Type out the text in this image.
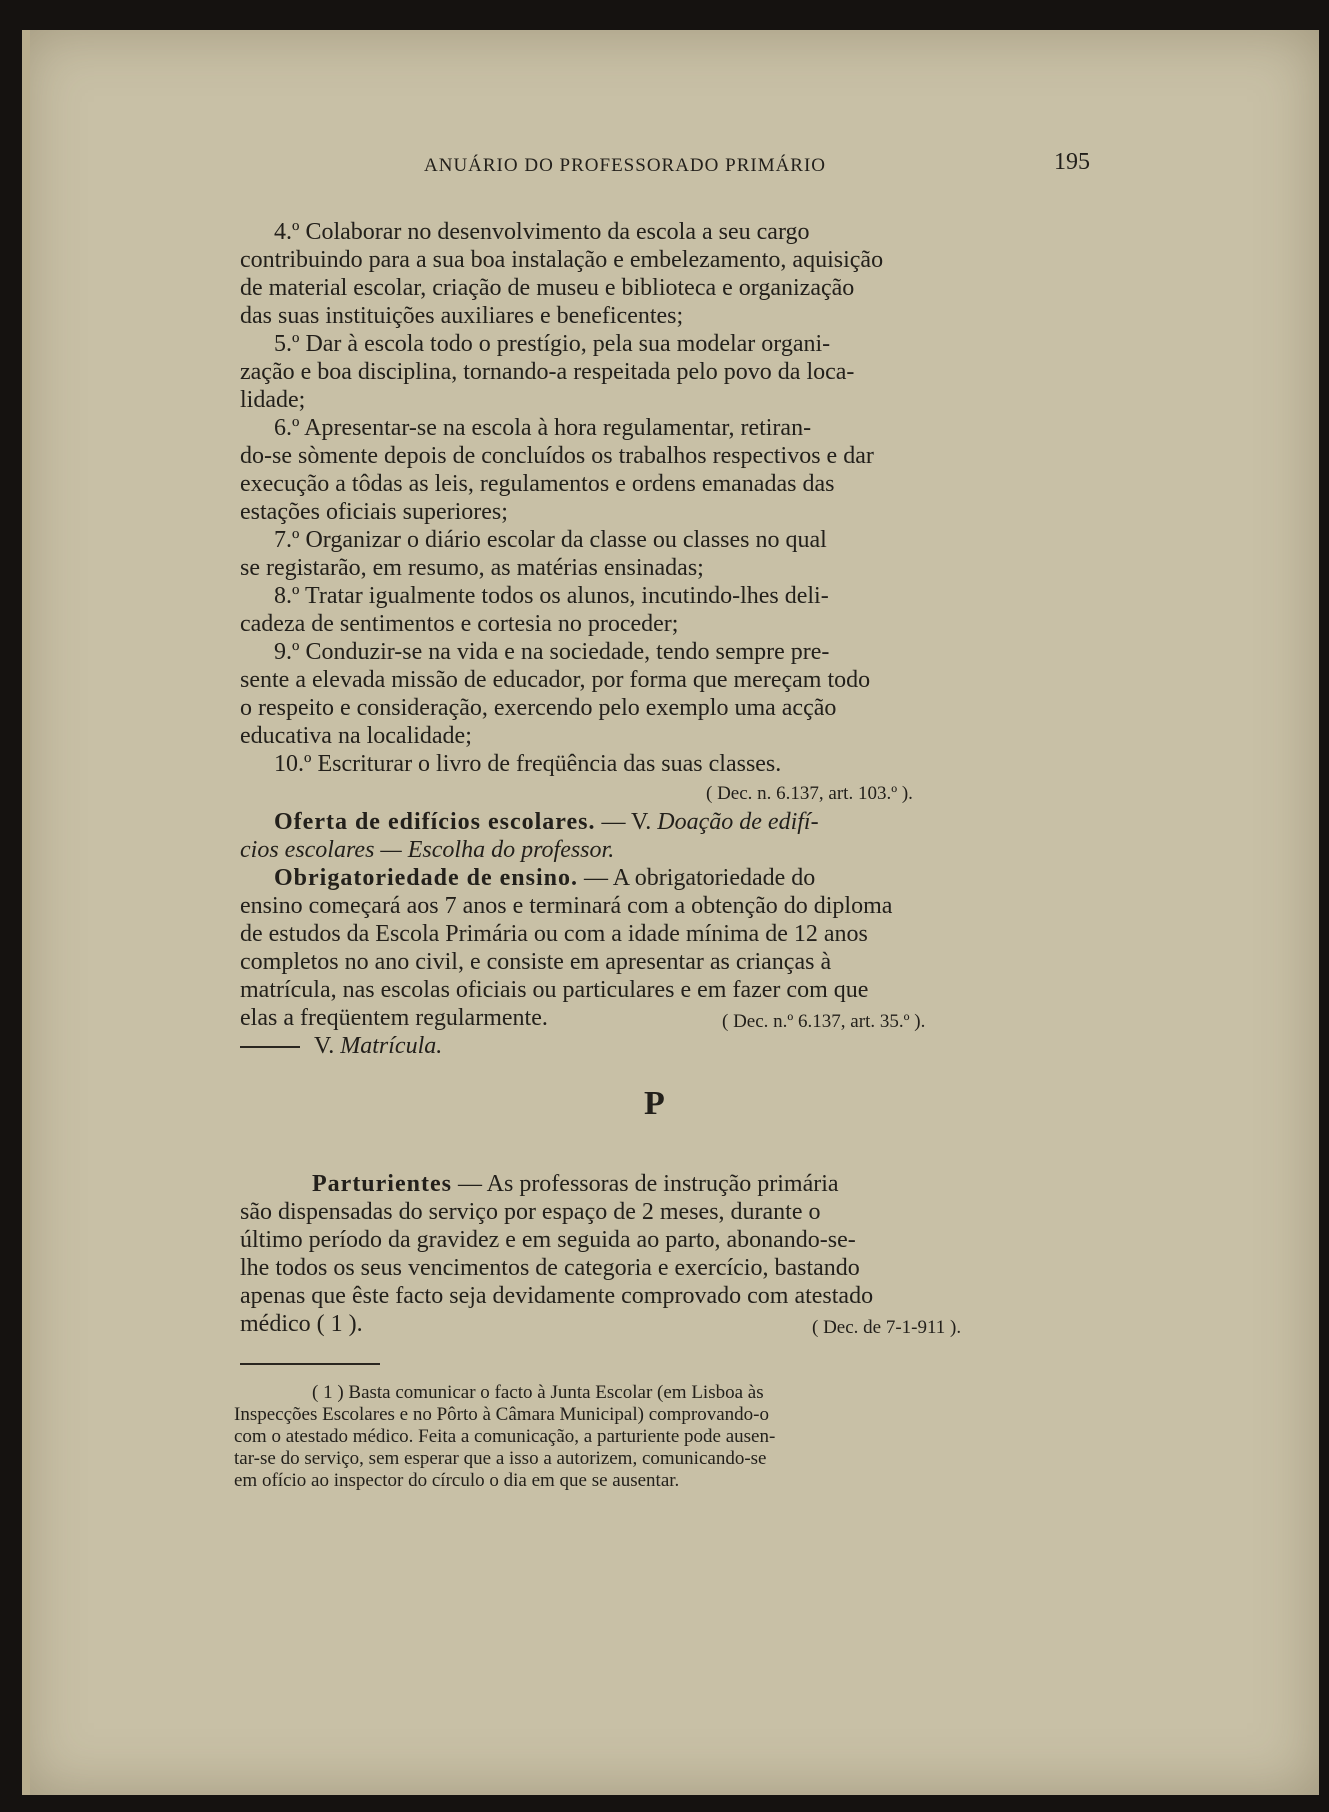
ANUÁRIO DO PROFESSORADO PRIMÁRIO	195
4.º Colaborar no desenvolvimento da escola a seu cargo
contribuindo para a sua boa instalação e embelezamento, aquisição
de material escolar, criação de museu e biblioteca e organização
das suas instituições auxiliares e beneficentes;
5.º Dar à escola todo o prestígio, pela sua modelar organi-
zação e boa disciplina, tornando-a respeitada pelo povo da loca-
lidade;
6.º Apresentar-se na escola à hora regulamentar, retiran-
do-se sòmente depois de concluídos os trabalhos respectivos e dar
execução a tôdas as leis, regulamentos e ordens emanadas das
estações oficiais superiores;
7.º Organizar o diário escolar da classe ou classes no qual
se registarão, em resumo, as matérias ensinadas;
8.º Tratar igualmente todos os alunos, incutindo-lhes deli-
cadeza de sentimentos e cortesia no proceder;
9.º Conduzir-se na vida e na sociedade, tendo sempre pre-
sente a elevada missão de educador, por forma que mereçam todo
o respeito e consideração, exercendo pelo exemplo uma acção
educativa na localidade;
10.º Escriturar o livro de freqüência das suas classes.
( Dec. n. 6.137, art. 103.º ).
Oferta de edifícios escolares. — V. Doação de edifí-
cios escolares — Escolha do professor.
Obrigatoriedade de ensino. — A obrigatoriedade do
ensino começará aos 7 anos e terminará com a obtenção do diploma
de estudos da Escola Primária ou com a idade mínima de 12 anos
completos no ano civil, e consiste em apresentar as crianças à
matrícula, nas escolas oficiais ou particulares e em fazer com que
elas a freqüentem regularmente.	( Dec. n.º 6.137, art. 35.º ).
V. Matrícula.
P
Parturientes — As professoras de instrução primária
são dispensadas do serviço por espaço de 2 meses, durante o
último período da gravidez e em seguida ao parto, abonando-se-
lhe todos os seus vencimentos de categoria e exercício, bastando
apenas que êste facto seja devidamente comprovado com atestado
médico ( 1 ).	( Dec. de 7-1-911 ).
( 1 ) Basta comunicar o facto à Junta Escolar (em Lisboa às
Inspecções Escolares e no Pôrto à Câmara Municipal) comprovando-o
com o atestado médico. Feita a comunicação, a parturiente pode ausen-
tar-se do serviço, sem esperar que a isso a autorizem, comunicando-se
em ofício ao inspector do círculo o dia em que se ausentar.
